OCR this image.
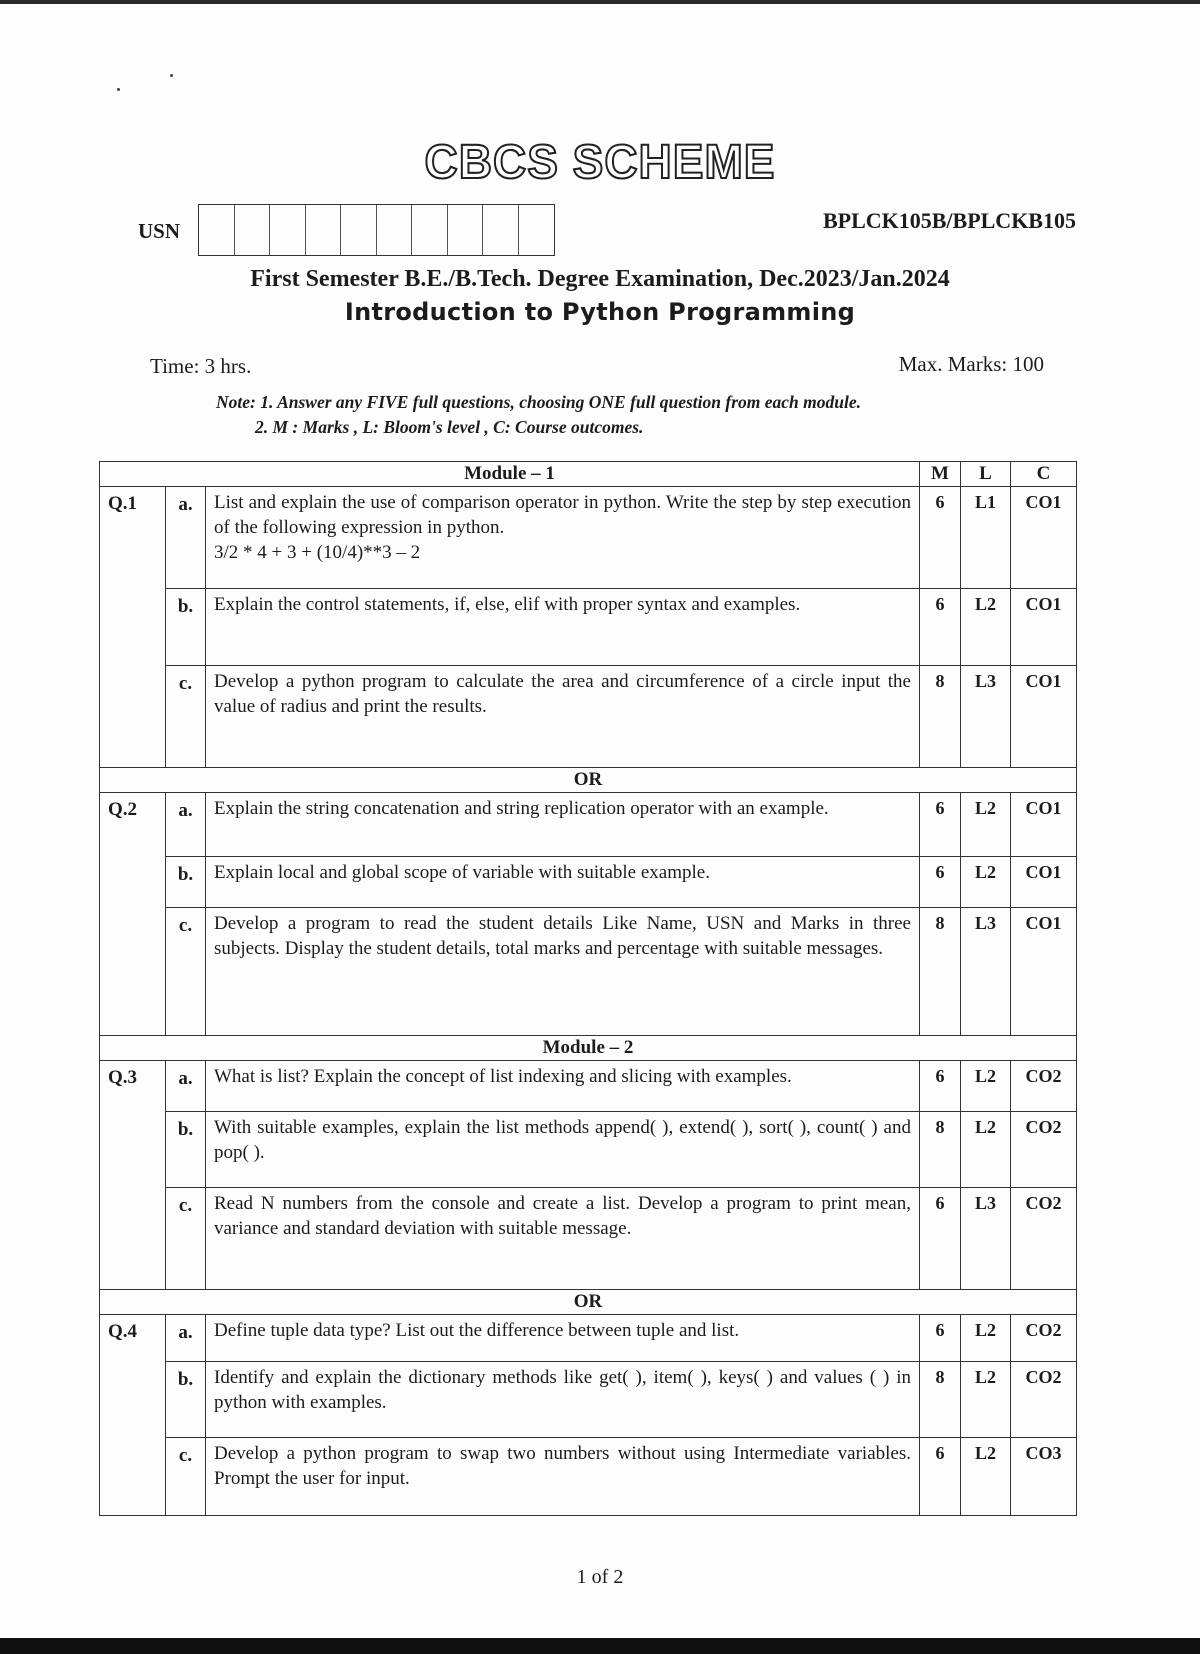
CBCS SCHEME
USN	BPLCK105B/BPLCKB105
First Semester B.E./B.Tech. Degree Examination, Dec.2023/Jan.2024
Introduction to Python Programming
Time: 3 hrs.	Max. Marks: 100
Note: 1. Answer any FIVE full questions, choosing ONE full question from each module.
2. M : Marks , L: Bloom's level , C: Course outcomes.
Module – 1			M	L	C
Q.1	a.	List and explain the use of comparison operator in python. Write the step by step execution of the following expression in python.
3/2 * 4 + 3 + (10/4)**3 – 2	6	L1	CO1
	b.	Explain the control statements, if, else, elif with proper syntax and examples.	6	L2	CO1
	c.	Develop a python program to calculate the area and circumference of a circle input the value of radius and print the results.	8	L3	CO1
OR					
Q.2	a.	Explain the string concatenation and string replication operator with an example.	6	L2	CO1
	b.	Explain local and global scope of variable with suitable example.	6	L2	CO1
	c.	Develop a program to read the student details Like Name, USN and Marks in three subjects. Display the student details, total marks and percentage with suitable messages.	8	L3	CO1
Module – 2					
Q.3	a.	What is list? Explain the concept of list indexing and slicing with examples.	6	L2	CO2
	b.	With suitable examples, explain the list methods append( ), extend( ), sort( ), count( ) and pop( ).	8	L2	CO2
	c.	Read N numbers from the console and create a list. Develop a program to print mean, variance and standard deviation with suitable message.	6	L3	CO2
OR					
Q.4	a.	Define tuple data type? List out the difference between tuple and list.	6	L2	CO2
	b.	Identify and explain the dictionary methods like get( ), item( ), keys( ) and values ( ) in python with examples.	8	L2	CO2
	c.	Develop a python program to swap two numbers without using Intermediate variables. Prompt the user for input.	6	L2	CO3
1 of 2
